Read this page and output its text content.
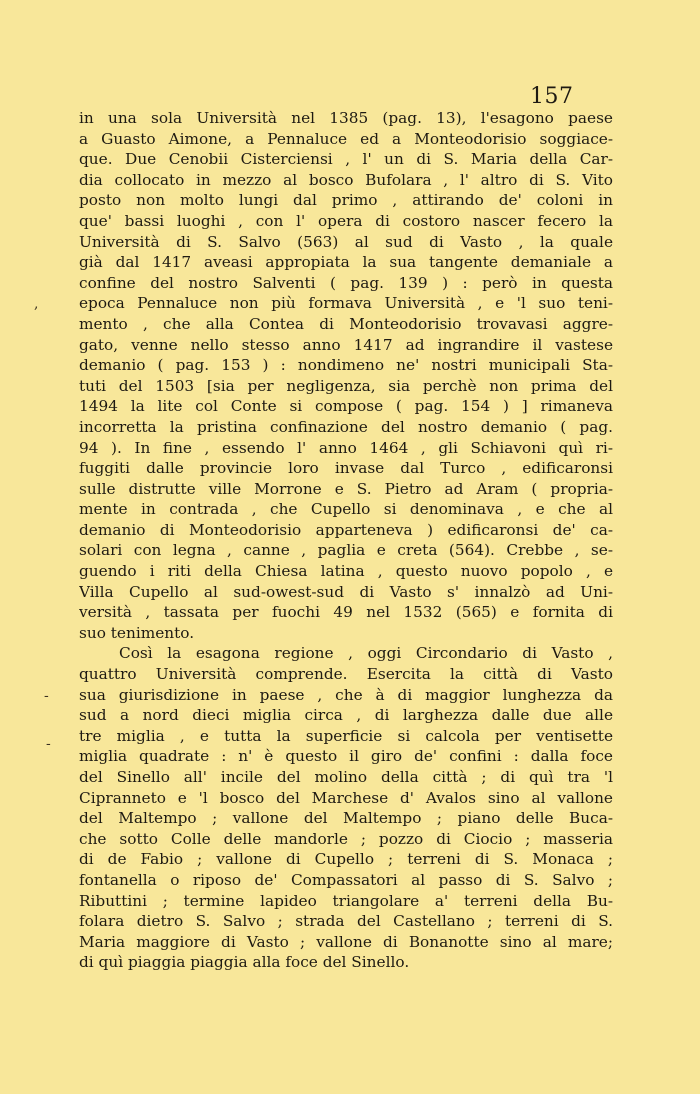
157
,
-
-
in una sola Università nel 1385 (pag. 13), l'esagono paese
a Guasto Aimone, a Pennaluce ed a Monteodorisio soggiace-
que. Due Cenobii Cisterciensi , l' un di S. Maria della Car-
dia collocato in mezzo al bosco Bufolara , l' altro di S. Vito
posto non molto lungi dal primo , attirando de' coloni in
que' bassi luoghi , con l' opera di costoro nascer fecero la
Università di S. Salvo (563) al sud di Vasto , la quale
già dal 1417 aveasi appropiata la sua tangente demaniale a
confine del nostro Salventi ( pag. 139 ) : però in questa
epoca Pennaluce non più formava Università , e 'l suo teni-
mento , che alla Contea di Monteodorisio trovavasi aggre-
gato, venne nello stesso anno 1417 ad ingrandire il vastese
demanio ( pag. 153 ) : nondimeno ne' nostri municipali Sta-
tuti del 1503 [sia per negligenza, sia perchè non prima del
1494 la lite col Conte si compose ( pag. 154 ) ] rimaneva
incorretta la pristina confinazione del nostro demanio ( pag.
94 ). In fine , essendo l' anno 1464 , gli Schiavoni quì ri-
fuggiti dalle provincie loro invase dal Turco , edificaronsi
sulle distrutte ville Morrone e S. Pietro ad Aram ( propria-
mente in contrada , che Cupello si denominava , e che al
demanio di Monteodorisio apparteneva ) edificaronsi de' ca-
solari con legna , canne , paglia e creta (564). Crebbe , se-
guendo i riti della Chiesa latina , questo nuovo popolo , e
Villa Cupello al sud-owest-sud di Vasto s' innalzò ad Uni-
versità , tassata per fuochi 49 nel 1532 (565) e fornita di
suo tenimento.
Così la esagona regione , oggi Circondario di Vasto ,
quattro Università comprende. Esercita la città di Vasto
sua giurisdizione in paese , che à di maggior lunghezza da
sud a nord dieci miglia circa , di larghezza dalle due alle
tre miglia , e tutta la superficie si calcola per ventisette
miglia quadrate : n' è questo il giro de' confini : dalla foce
del Sinello all' incile del molino della città ; di quì tra 'l
Cipranneto e 'l bosco del Marchese d' Avalos sino al vallone
del Maltempo ; vallone del Maltempo ; piano delle Buca-
che sotto Colle delle mandorle ; pozzo di Ciocio ; masseria
di de Fabio ; vallone di Cupello ; terreni di S. Monaca ;
fontanella o riposo de' Compassatori al passo di S. Salvo ;
Ributtini ; termine lapideo triangolare a' terreni della Bu-
folara dietro S. Salvo ; strada del Castellano ; terreni di S.
Maria maggiore di Vasto ; vallone di Bonanotte sino al mare;
di quì piaggia piaggia alla foce del Sinello.
